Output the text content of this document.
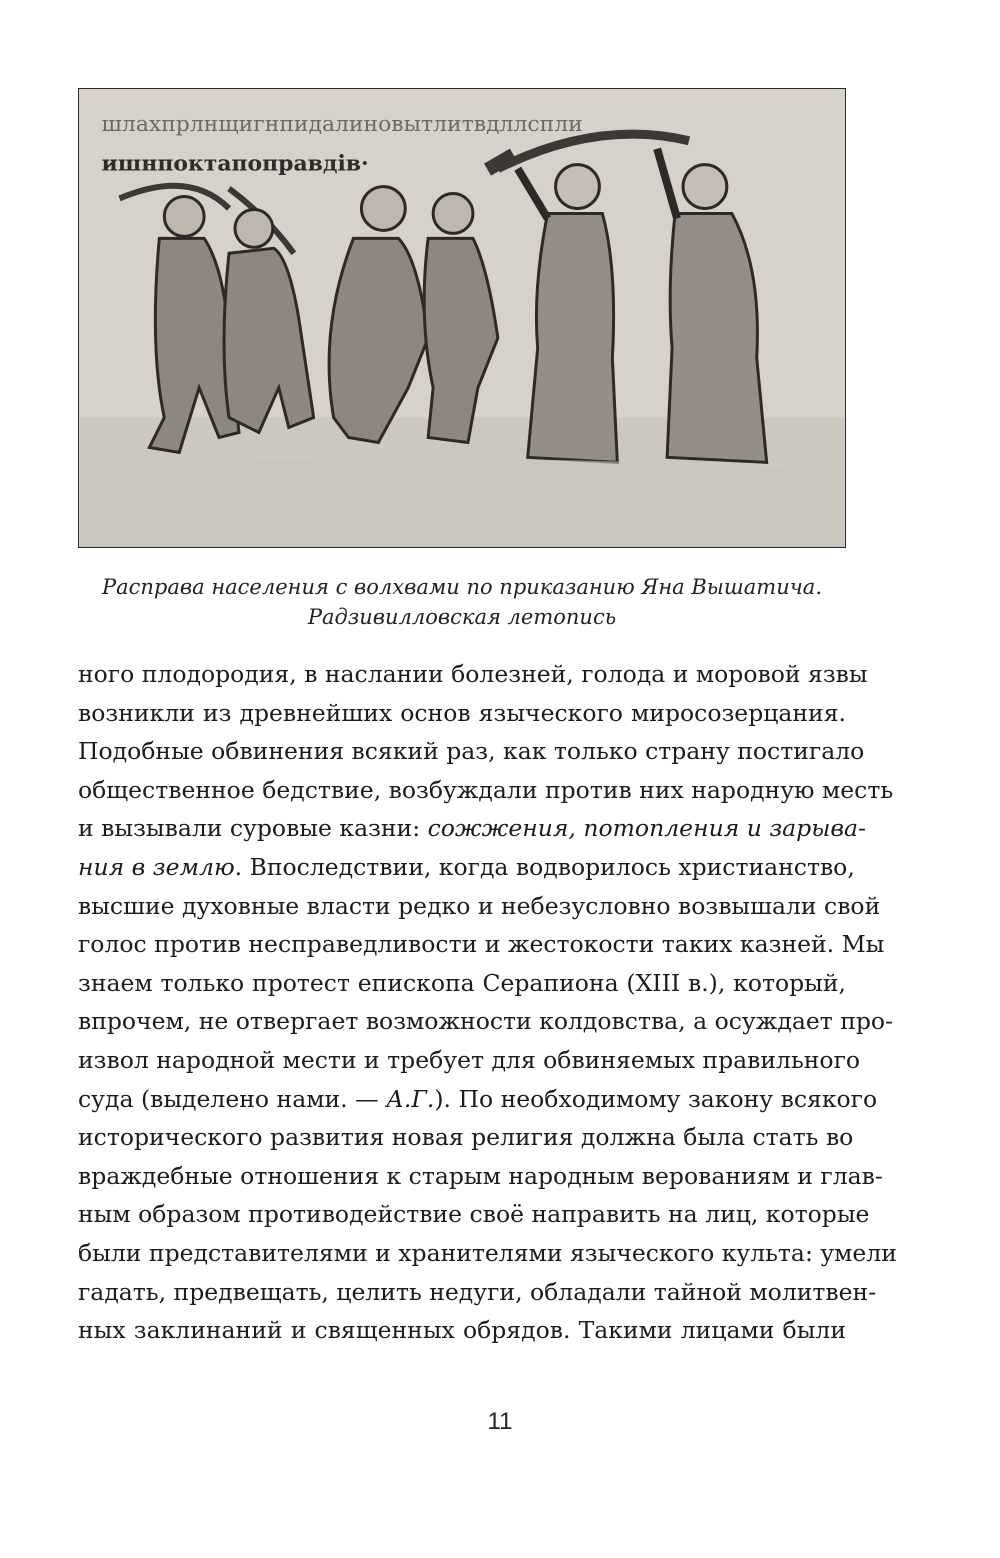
шлахпрлнщигнпидалиновытлитвдллспли
ишнпоктапоправдів·
Расправа населения с волхвами по приказанию Яна Вышатича.
Радзивилловская летопись
ного плодородия, в наслании болезней, голода и моровой язвы
возникли из древнейших основ языческого миросозерцания.
Подобные обвинения всякий раз, как только страну постигало
общественное бедствие, возбуждали против них народную месть
и вызывали суровые казни: сожжения, потопления и зарыва-
ния в землю. Впоследствии, когда водворилось христианство,
высшие духовные власти редко и небезусловно возвышали свой
голос против несправедливости и жестокости таких казней. Мы
знаем только протест епископа Серапиона (XIII в.), который,
впрочем, не отвергает возможности колдовства, а осуждает про-
извол народной мести и требует для обвиняемых правильного
суда (выделено нами. — А.Г.). По необходимому закону всякого
исторического развития новая религия должна была стать во
враждебные отношения к старым народным верованиям и глав-
ным образом противодействие своё направить на лиц, которые
были представителями и хранителями языческого культа: умели
гадать, предвещать, целить недуги, обладали тайной молитвен-
ных заклинаний и священных обрядов. Такими лицами были
11
